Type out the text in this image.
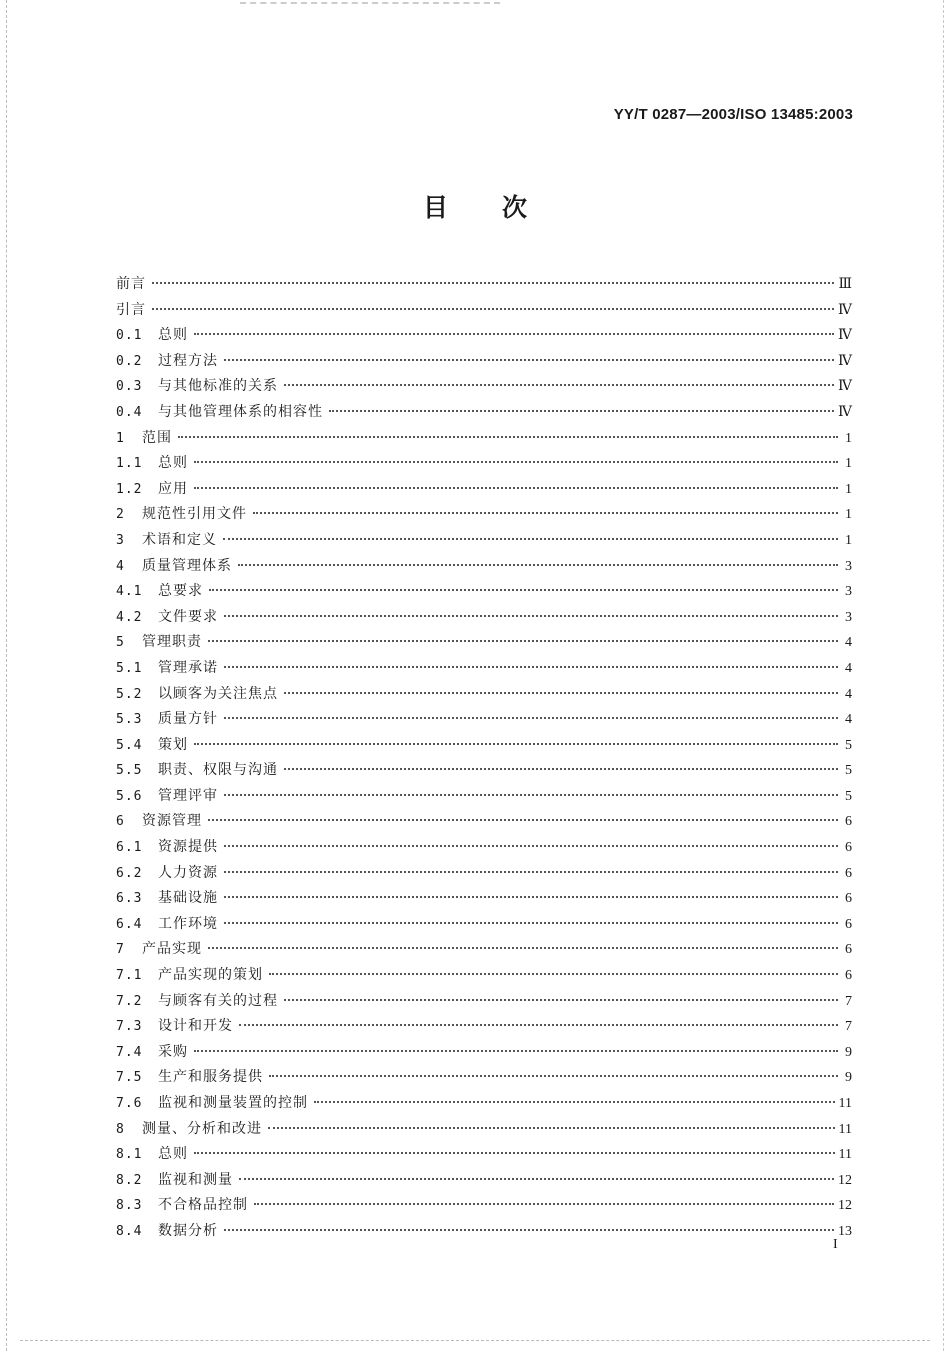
YY/T 0287—2003/ISO 13485:2003
目次
前言	Ⅲ
引言	Ⅳ
0.1	总则	Ⅳ
0.2	过程方法	Ⅳ
0.3	与其他标准的关系	Ⅳ
0.4	与其他管理体系的相容性	Ⅳ
1	范围	1
1.1	总则	1
1.2	应用	1
2	规范性引用文件	1
3	术语和定义	1
4	质量管理体系	3
4.1	总要求	3
4.2	文件要求	3
5	管理职责	4
5.1	管理承诺	4
5.2	以顾客为关注焦点	4
5.3	质量方针	4
5.4	策划	5
5.5	职责、权限与沟通	5
5.6	管理评审	5
6	资源管理	6
6.1	资源提供	6
6.2	人力资源	6
6.3	基础设施	6
6.4	工作环境	6
7	产品实现	6
7.1	产品实现的策划	6
7.2	与顾客有关的过程	7
7.3	设计和开发	7
7.4	采购	9
7.5	生产和服务提供	9
7.6	监视和测量装置的控制	11
8	测量、分析和改进	11
8.1	总则	11
8.2	监视和测量	12
8.3	不合格品控制	12
8.4	数据分析	13
I
